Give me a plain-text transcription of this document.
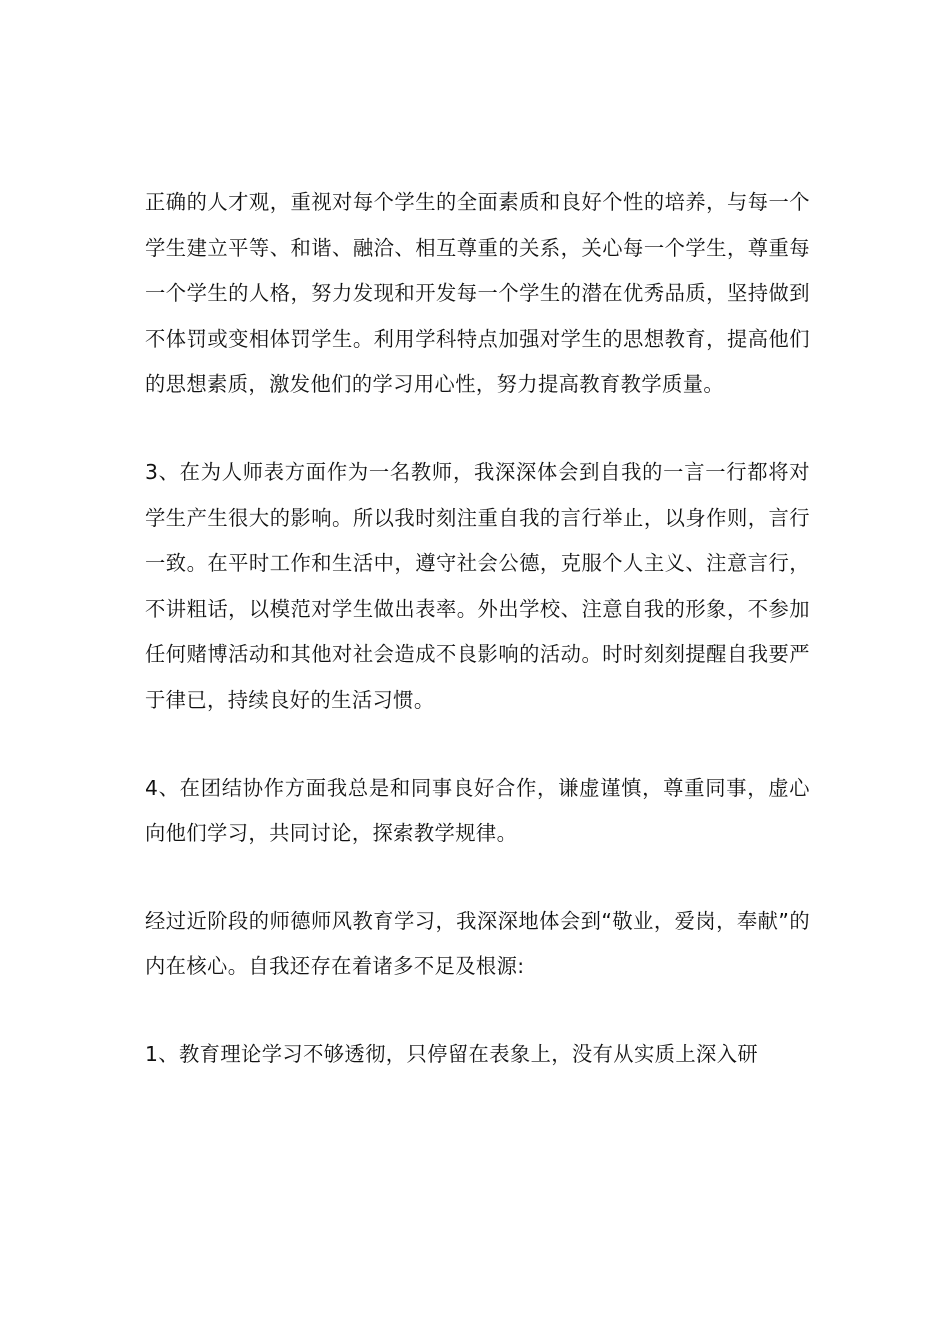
正确的人才观，重视对每个学生的全面素质和良好个性的培养，与每一个学生建立平等、和谐、融洽、相互尊重的关系，关心每一个学生，尊重每一个学生的人格，努力发现和开发每一个学生的潜在优秀品质，坚持做到不体罚或变相体罚学生。利用学科特点加强对学生的思想教育，提高他们的思想素质，激发他们的学习用心性，努力提高教育教学质量。

3、在为人师表方面作为一名教师，我深深体会到自我的一言一行都将对学生产生很大的影响。所以我时刻注重自我的言行举止，以身作则，言行一致。在平时工作和生活中，遵守社会公德，克服个人主义、注意言行，不讲粗话，以模范对学生做出表率。外出学校、注意自我的形象，不参加任何赌博活动和其他对社会造成不良影响的活动。时时刻刻提醒自我要严于律已，持续良好的生活习惯。

4、在团结协作方面我总是和同事良好合作，谦虚谨慎，尊重同事，虚心向他们学习，共同讨论，探索教学规律。

经过近阶段的师德师风教育学习，我深深地体会到“敬业，爱岗，奉献”的内在核心。自我还存在着诸多不足及根源:

1、教育理论学习不够透彻，只停留在表象上，没有从实质上深入研
